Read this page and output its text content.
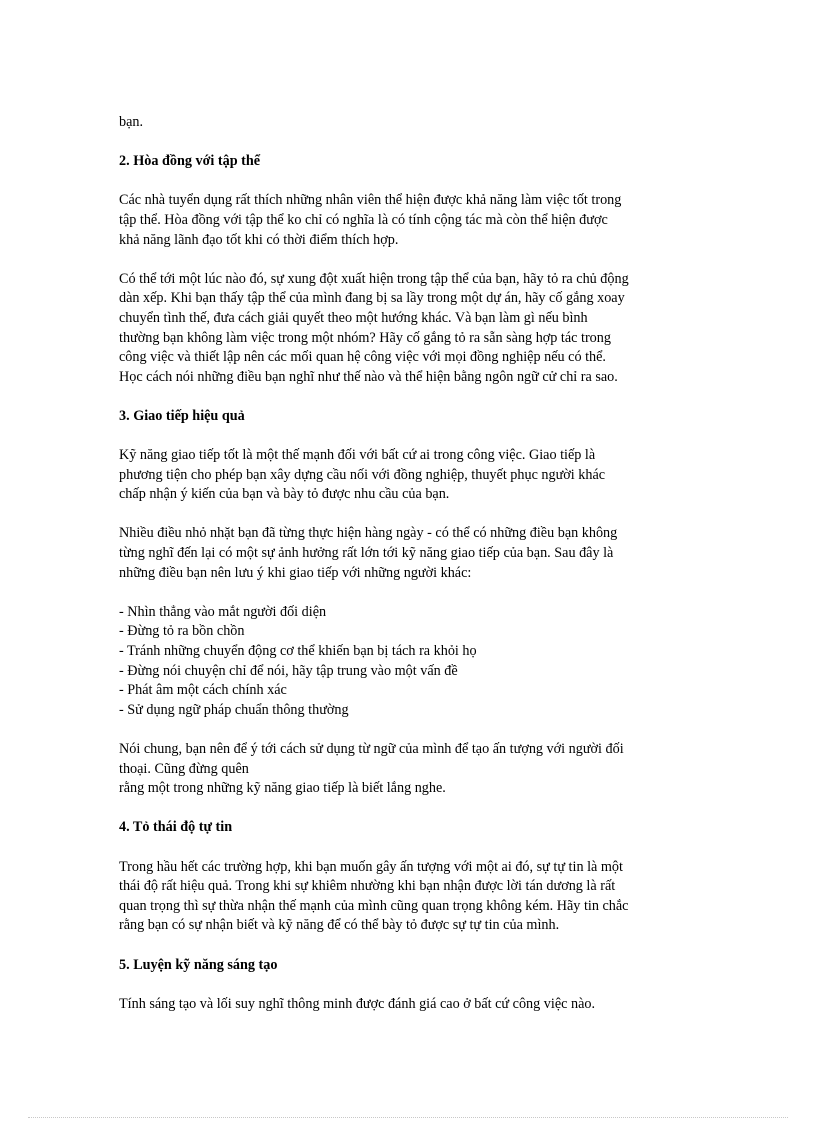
bạn.

2. Hòa đồng với tập thể

Các nhà tuyển dụng rất thích những nhân viên thể hiện được khả năng làm việc tốt trong
tập thể. Hòa đồng với tập thể ko chỉ có nghĩa là có tính cộng tác mà còn thể hiện được
khả năng lãnh đạo tốt khi có thời điểm thích hợp.

Có thể tới một lúc nào đó, sự xung đột xuất hiện trong tập thể của bạn, hãy tỏ ra chủ động
dàn xếp. Khi bạn thấy tập thể của mình đang bị sa lầy trong một dự án, hãy cố gắng xoay
chuyển tình thế, đưa cách giải quyết theo một hướng khác. Và bạn làm gì nếu bình
thường bạn không làm việc trong một nhóm? Hãy cố gắng tỏ ra sẵn sàng hợp tác trong
công việc và thiết lập nên các mối quan hệ công việc với mọi đồng nghiệp nếu có thể.
Học cách nói những điều bạn nghĩ như thế nào và thể hiện bằng ngôn ngữ cử chỉ ra sao.

3. Giao tiếp hiệu quả

Kỹ năng giao tiếp tốt là một thế mạnh đối với bất cứ ai trong công việc. Giao tiếp là
phương tiện cho phép bạn xây dựng cầu nối với đồng nghiệp, thuyết phục người khác
chấp nhận ý kiến của bạn và bày tỏ được nhu cầu của bạn.

Nhiều điều nhỏ nhặt bạn đã từng thực hiện hàng ngày - có thể có những điều bạn không
từng nghĩ đến lại có một sự ảnh hưởng rất lớn tới kỹ năng giao tiếp của bạn. Sau đây là
những điều bạn nên lưu ý khi giao tiếp với những người khác:

- Nhìn thẳng vào mắt người đối diện
- Đừng tỏ ra bồn chồn
- Tránh những chuyển động cơ thể khiến bạn bị tách ra khỏi họ
- Đừng nói chuyện chỉ để nói, hãy tập trung vào một vấn đề
- Phát âm một cách chính xác
- Sử dụng ngữ pháp chuẩn thông thường

Nói chung, bạn nên để ý tới cách sử dụng từ ngữ của mình để tạo ấn tượng với người đối
thoại. Cũng đừng quên
rằng một trong những kỹ năng giao tiếp là biết lắng nghe.

4. Tỏ thái độ tự tin

Trong hầu hết các trường hợp, khi bạn muốn gây ấn tượng với một ai đó, sự tự tin là một
thái độ rất hiệu quả. Trong khi sự khiêm nhường khi bạn nhận được lời tán dương là rất
quan trọng thì sự thừa nhận thế mạnh của mình cũng quan trọng không kém. Hãy tin chắc
rằng bạn có sự nhận biết và kỹ năng để có thể bày tỏ được sự tự tin của mình.

5. Luyện kỹ năng sáng tạo

Tính sáng tạo và lối suy nghĩ thông minh được đánh giá cao ở bất cứ công việc nào.
